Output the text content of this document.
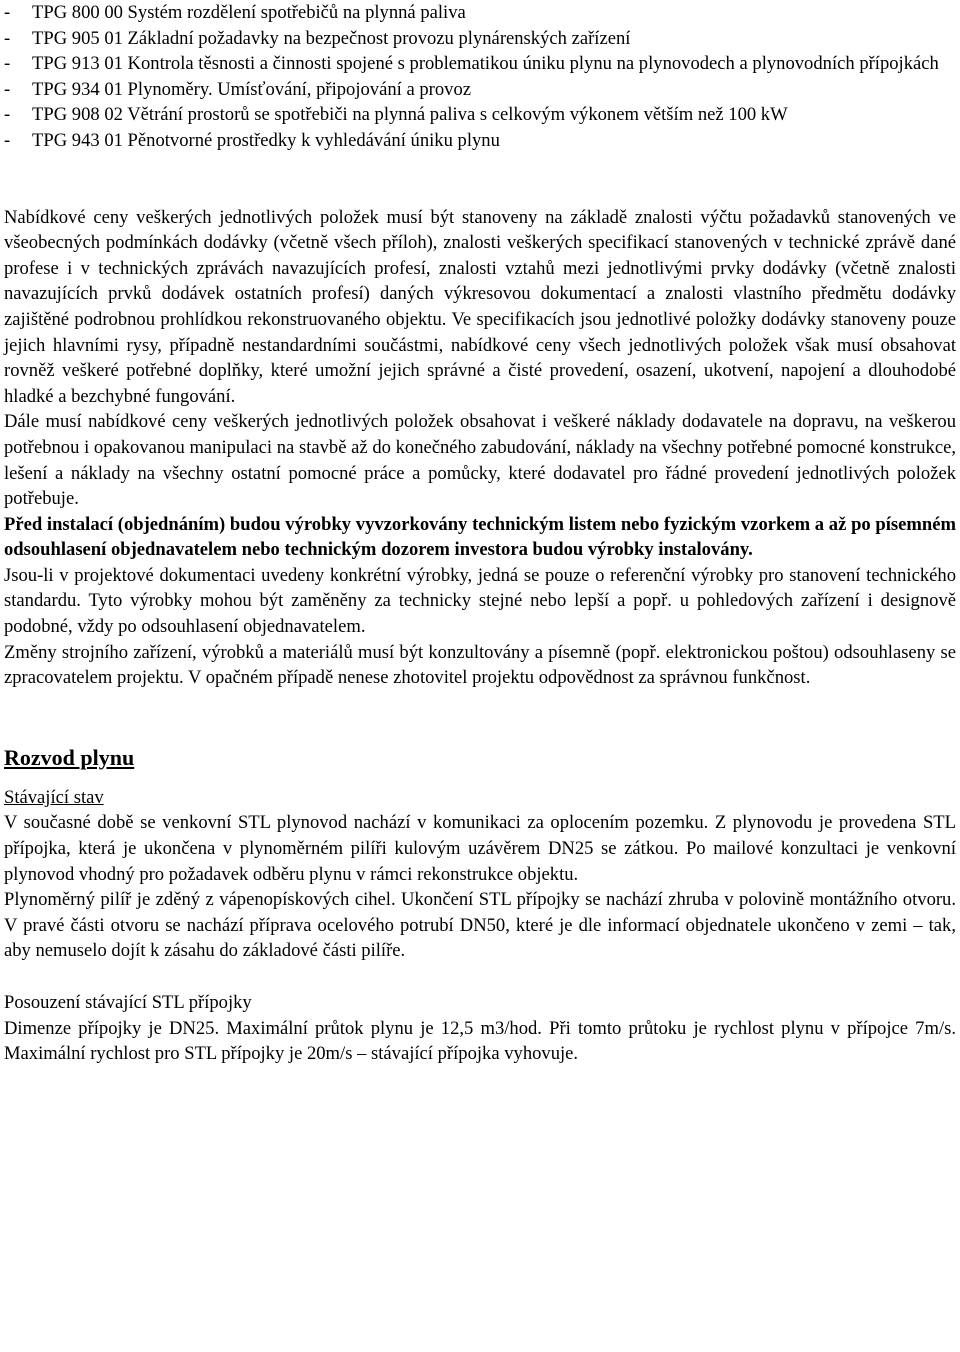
- TPG 800 00 Systém rozdělení spotřebičů na plynná paliva
- TPG 905 01 Základní požadavky na bezpečnost provozu plynárenských zařízení
- TPG 913 01 Kontrola těsnosti a činnosti spojené s problematikou úniku plynu na plynovodech a plynovodních přípojkách
- TPG 934 01 Plynoměry. Umísťování, připojování a provoz
- TPG 908 02 Větrání prostorů se spotřebiči na plynná paliva s celkovým výkonem větším než 100 kW
- TPG 943 01 Pěnotvorné prostředky k vyhledávání úniku plynu

Nabídkové ceny veškerých jednotlivých položek musí být stanoveny na základě znalosti výčtu požadavků stanovených ve všeobecných podmínkách dodávky (včetně všech příloh), znalosti veškerých specifikací stanovených v technické zprávě dané profese i v technických zprávách navazujících profesí, znalosti vztahů mezi jednotlivými prvky dodávky (včetně znalosti navazujících prvků dodávek ostatních profesí) daných výkresovou dokumentací a znalosti vlastního předmětu dodávky zajištěné podrobnou prohlídkou rekonstruovaného objektu. Ve specifikacích jsou jednotlivé položky dodávky stanoveny pouze jejich hlavními rysy, případně nestandardními součástmi, nabídkové ceny všech jednotlivých položek však musí obsahovat rovněž veškeré potřebné doplňky, které umožní jejich správné a čisté provedení, osazení, ukotvení, napojení a dlouhodobé hladké a bezchybné fungování.

Dále musí nabídkové ceny veškerých jednotlivých položek obsahovat i veškeré náklady dodavatele na dopravu, na veškerou potřebnou i opakovanou manipulaci na stavbě až do konečného zabudování, náklady na všechny potřebné pomocné konstrukce, lešení a náklady na všechny ostatní pomocné práce a pomůcky, které dodavatel pro řádné provedení jednotlivých položek potřebuje.

Před instalací (objednáním) budou výrobky vyvzorkovány technickým listem nebo fyzickým vzorkem a až po písemném odsouhlasení objednavatelem nebo technickým dozorem investora budou výrobky instalovány.

Jsou-li v projektové dokumentaci uvedeny konkrétní výrobky, jedná se pouze o referenční výrobky pro stanovení technického standardu. Tyto výrobky mohou být zaměněny za technicky stejné nebo lepší a popř. u pohledových zařízení i designově podobné, vždy po odsouhlasení objednavatelem.

Změny strojního zařízení, výrobků a materiálů musí být konzultovány a písemně (popř. elektronickou poštou) odsouhlaseny se zpracovatelem projektu. V opačném případě nenese zhotovitel projektu odpovědnost za správnou funkčnost.

Rozvod plynu

Stávající stav

V současné době se venkovní STL plynovod nachází v komunikaci za oplocením pozemku. Z plynovodu je provedena STL přípojka, která je ukončena v plynoměrném pilíři kulovým uzávěrem DN25 se zátkou. Po mailové konzultaci je venkovní plynovod vhodný pro požadavek odběru plynu v rámci rekonstrukce objektu.

Plynoměrný pilíř je zděný z vápenopískových cihel. Ukončení STL přípojky se nachází zhruba v polovině montážního otvoru. V pravé části otvoru se nachází příprava ocelového potrubí DN50, které je dle informací objednatele ukončeno v zemi – tak, aby nemuselo dojít k zásahu do základové části pilíře.

Posouzení stávající STL přípojky

Dimenze přípojky je DN25. Maximální průtok plynu je 12,5 m3/hod. Při tomto průtoku je rychlost plynu v přípojce 7m/s. Maximální rychlost pro STL přípojky je 20m/s – stávající přípojka vyhovuje.
